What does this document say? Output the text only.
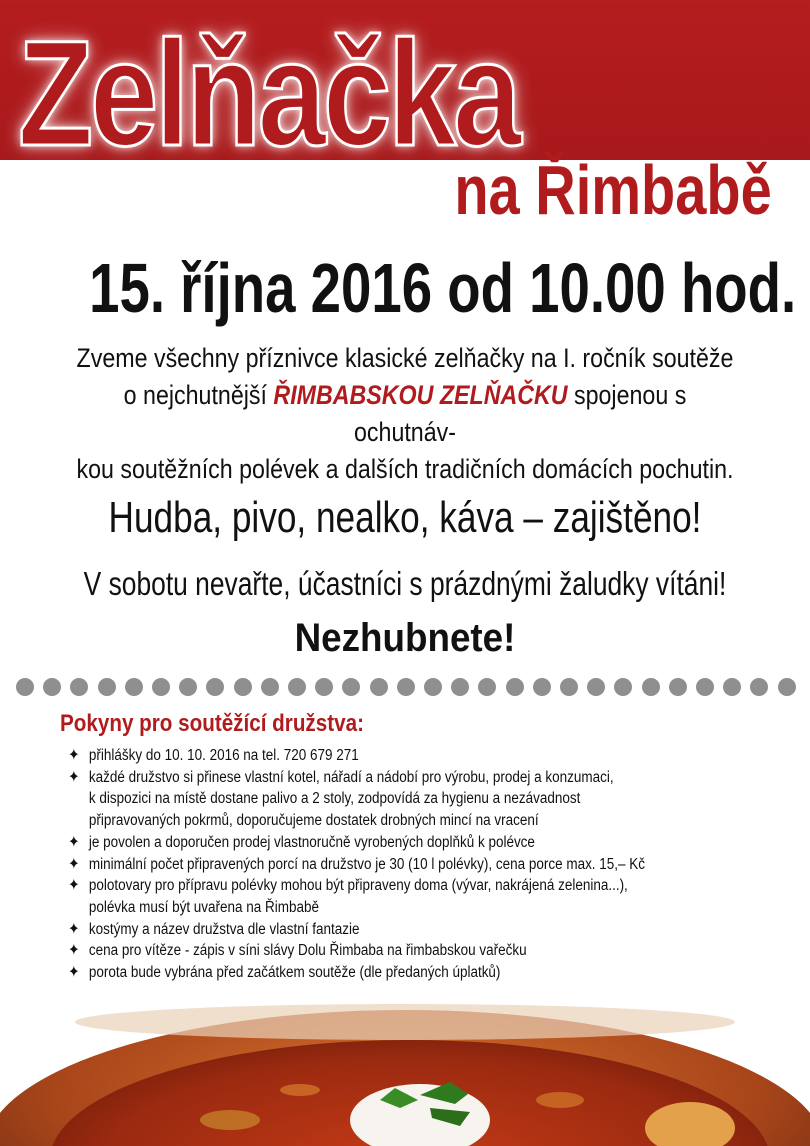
Zelňačka
na Řimbabě
15. října 2016 od 10.00 hod.
Zveme všechny příznivce klasické zelňačky na I. ročník soutěže
o nejchutnější ŘIMBABSKOU ZELŇAČKU spojenou s ochutnáv-
kou soutěžních polévek a dalších tradičních domácích pochutin.
Hudba, pivo, nealko, káva – zajištěno!
V sobotu nevařte, účastníci s prázdnými žaludky vítáni!
Nezhubnete!
Pokyny pro soutěžící družstva:
✦ přihlášky do 10. 10. 2016 na tel. 720 679 271
✦ každé družstvo si přinese vlastní kotel, nářadí a nádobí pro výrobu, prodej a konzumaci,
k dispozici na místě dostane palivo a 2 stoly, zodpovídá za hygienu a nezávadnost
připravovaných pokrmů, doporučujeme dostatek drobných mincí na vracení
✦ je povolen a doporučen prodej vlastnoručně vyrobených doplňků k polévce
✦ minimální počet připravených porcí na družstvo je 30 (10 l polévky), cena porce max. 15,– Kč
✦ polotovary pro přípravu polévky mohou být připraveny doma (vývar, nakrájená zelenina...),
polévka musí být uvařena na Řimbabě
✦ kostýmy a název družstva dle vlastní fantazie
✦ cena pro vítěze - zápis v síni slávy Dolu Řimbaba na řimbabskou vařečku
✦ porota bude vybrána před začátkem soutěže (dle předaných úplatků)
